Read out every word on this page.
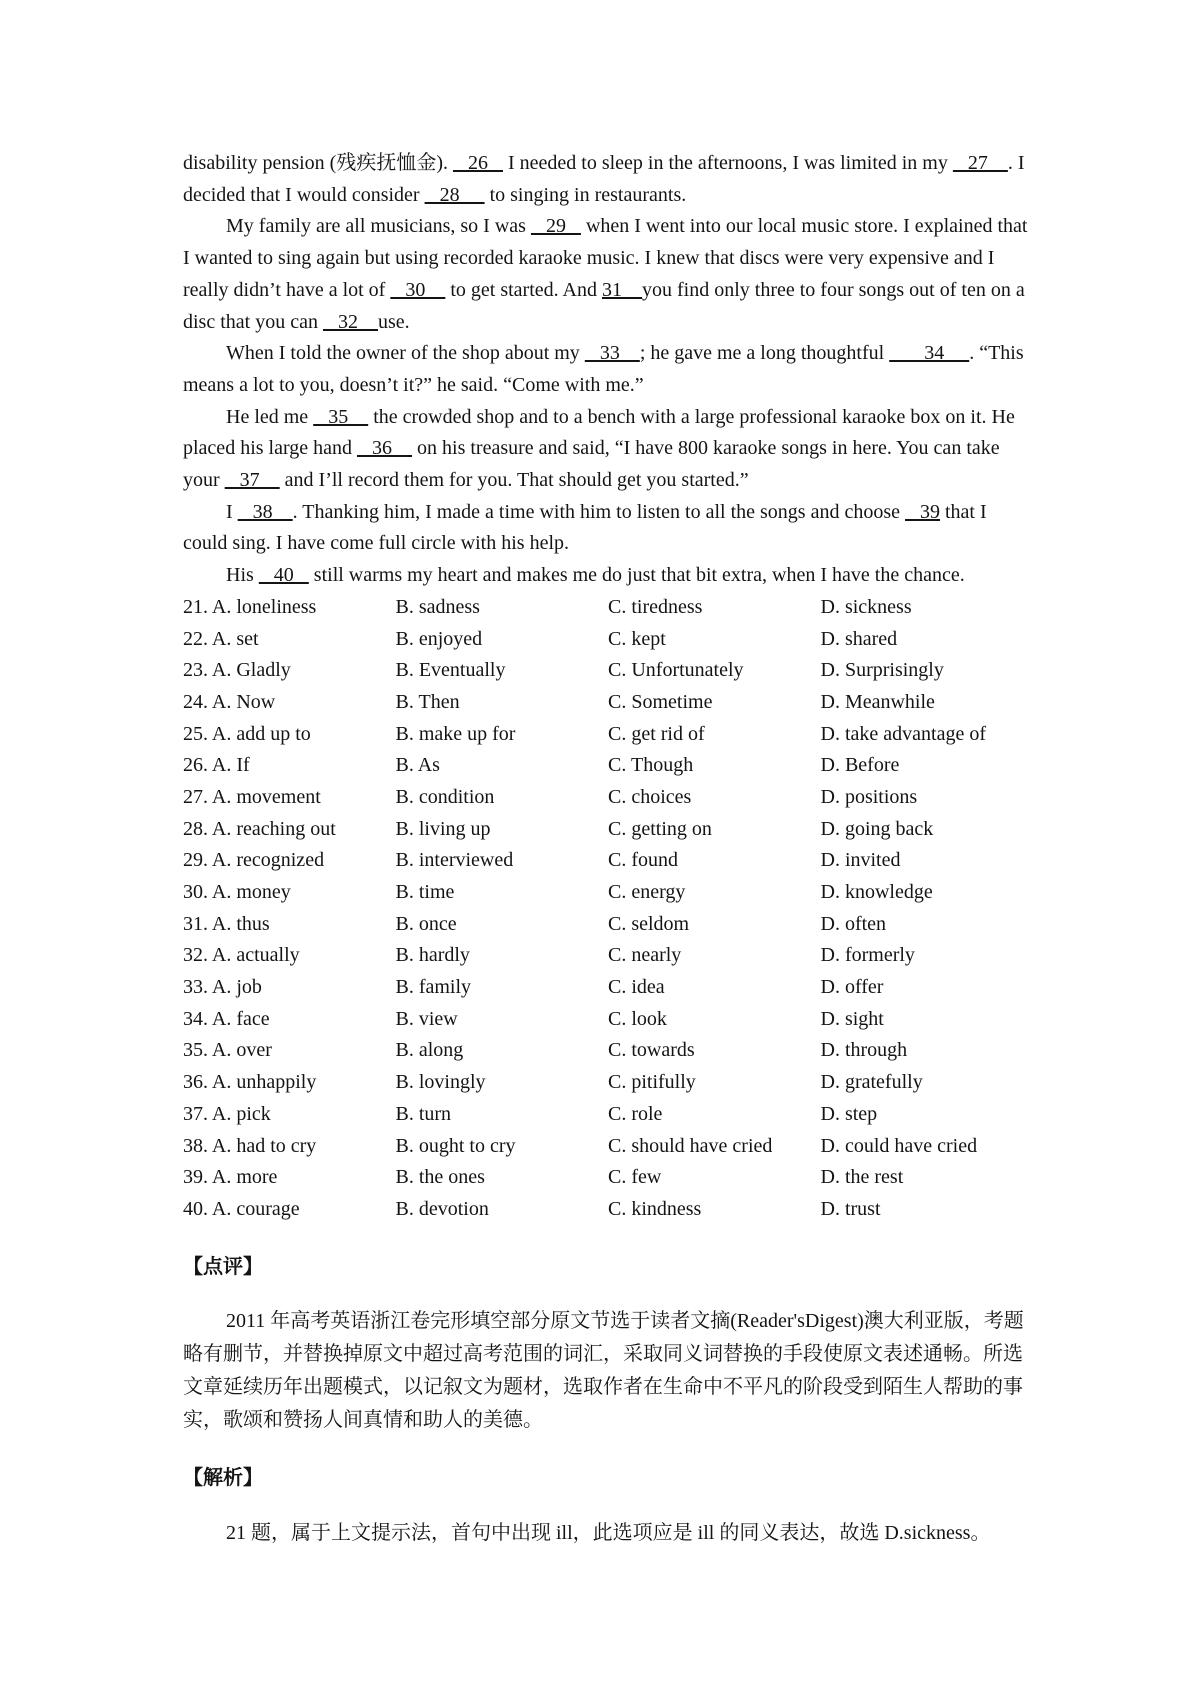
disability pension (残疾抚恤金).    26    I needed to sleep in the afternoons, I was limited in my    27    . I decided that I would consider    28      to singing in restaurants.

My family are all musicians, so I was    29    when I went into our local music store. I explained that I wanted to sing again but using recorded karaoke music. I knew that discs were very expensive and I really didn’t have a lot of    30     to get started. And 31    you find only three to four songs out of ten on a disc that you can    32    use.

When I told the owner of the shop about my    33    ; he gave me a long thoughtful        34     . “This means a lot to you, doesn’t it?” he said. “Come with me.”

He led me    35     the crowded shop and to a bench with a large professional karaoke box on it. He placed his large hand    36     on his treasure and said, “I have 800 karaoke songs in here. You can take your    37     and I’ll record them for you. That should get you started.”

I    38    . Thanking him, I made a time with him to listen to all the songs and choose    39 that I could sing. I have come full circle with his help.

His    40    still warms my heart and makes me do just that bit extra, when I have the chance.

21. A. loneliness	B. sadness	C. tiredness	D. sickness
22. A. set	B. enjoyed	C. kept	D. shared
23. A. Gladly	B. Eventually	C. Unfortunately	D. Surprisingly
24. A. Now	B. Then	C. Sometime	D. Meanwhile
25. A. add up to	B. make up for	C. get rid of	D. take advantage of
26. A. If	B. As	C. Though	D. Before
27. A. movement	B. condition	C. choices	D. positions
28. A. reaching out	B. living up	C. getting on	D. going back
29. A. recognized	B. interviewed	C. found	D. invited
30. A. money	B. time	C. energy	D. knowledge
31. A. thus	B. once	C. seldom	D. often
32. A. actually	B. hardly	C. nearly	D. formerly
33. A. job	B. family	C. idea	D. offer
34. A. face	B. view	C. look	D. sight
35. A. over	B. along	C. towards	D. through
36. A. unhappily	B. lovingly	C. pitifully	D. gratefully
37. A. pick	B. turn	C. role	D. step
38. A. had to cry	B. ought to cry	C. should have cried	D. could have cried
39. A. more	B. the ones	C. few	D. the rest
40. A. courage	B. devotion	C. kindness	D. trust
【点评】

2011 年高考英语浙江卷完形填空部分原文节选于读者文摘(Reader'sDigest)澳大利亚版，考题略有删节，并替换掉原文中超过高考范围的词汇，采取同义词替换的手段使原文表述通畅。所选文章延续历年出题模式，以记叙文为题材，选取作者在生命中不平凡的阶段受到陌生人帮助的事实，歌颂和赞扬人间真情和助人的美德。

【解析】

21 题，属于上文提示法，首句中出现 ill，此选项应是 ill 的同义表达，故选 D.sickness。
